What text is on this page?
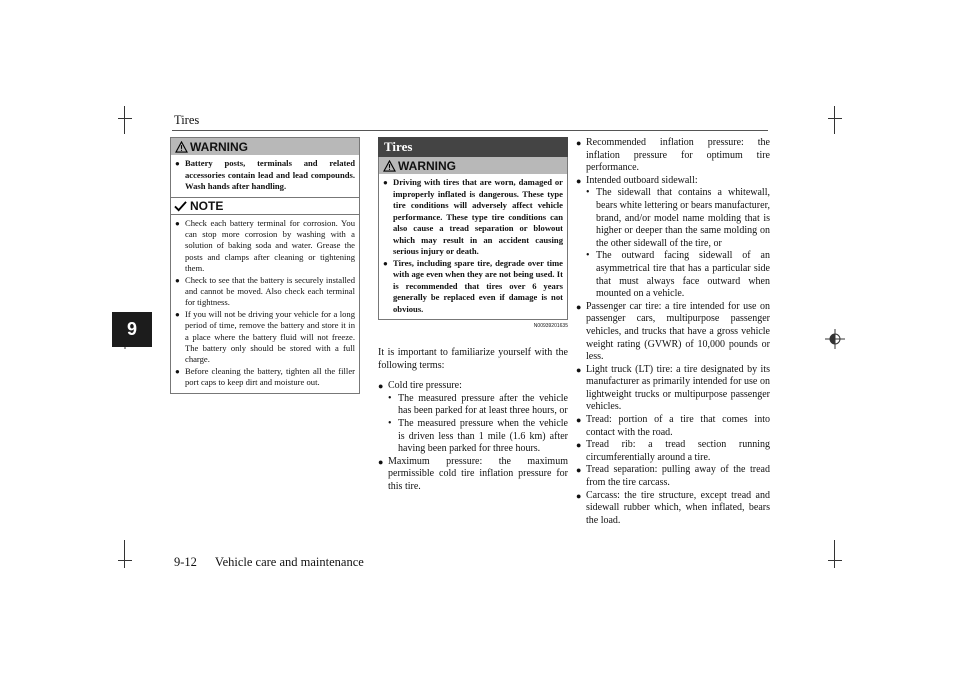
Tires
9
WARNING
● Battery posts, terminals and related accessories contain lead and lead compounds. Wash hands after handling.
NOTE
● Check each battery terminal for corrosion. You can stop more corrosion by washing with a solution of baking soda and water. Grease the posts and clamps after cleaning or tightening them.
● Check to see that the battery is securely installed and cannot be moved. Also check each terminal for tightness.
● If you will not be driving your vehicle for a long period of time, remove the battery and store it in a place where the battery fluid will not freeze. The battery only should be stored with a full charge.
● Before cleaning the battery, tighten all the filler port caps to keep dirt and moisture out.
Tires
WARNING
● Driving with tires that are worn, damaged or improperly inflated is dangerous. These type tire conditions will adversely affect vehicle performance. These type tire conditions can also cause a tread separation or blowout which may result in an accident causing serious injury or death.
● Tires, including spare tire, degrade over time with age even when they are not being used. It is recommended that tires over 6 years generally be replaced even if damage is not obvious.
N00939201635
It is important to familiarize yourself with the following terms:
● Cold tire pressure:
• The measured pressure after the vehicle has been parked for at least three hours, or
• The measured pressure when the vehicle is driven less than 1 mile (1.6 km) after having been parked for three hours.
● Maximum pressure: the maximum permissible cold tire inflation pressure for this tire.
● Recommended inflation pressure: the inflation pressure for optimum tire performance.
● Intended outboard sidewall:
• The sidewall that contains a whitewall, bears white lettering or bears manufacturer, brand, and/or model name molding that is higher or deeper than the same molding on the other sidewall of the tire, or
• The outward facing sidewall of an asymmetrical tire that has a particular side that must always face outward when mounted on a vehicle.
● Passenger car tire: a tire intended for use on passenger cars, multipurpose passenger vehicles, and trucks that have a gross vehicle weight rating (GVWR) of 10,000 pounds or less.
● Light truck (LT) tire: a tire designated by its manufacturer as primarily intended for use on lightweight trucks or multipurpose passenger vehicles.
● Tread: portion of a tire that comes into contact with the road.
● Tread rib: a tread section running circumferentially around a tire.
● Tread separation: pulling away of the tread from the tire carcass.
● Carcass: the tire structure, except tread and sidewall rubber which, when inflated, bears the load.
9-12 Vehicle care and maintenance
